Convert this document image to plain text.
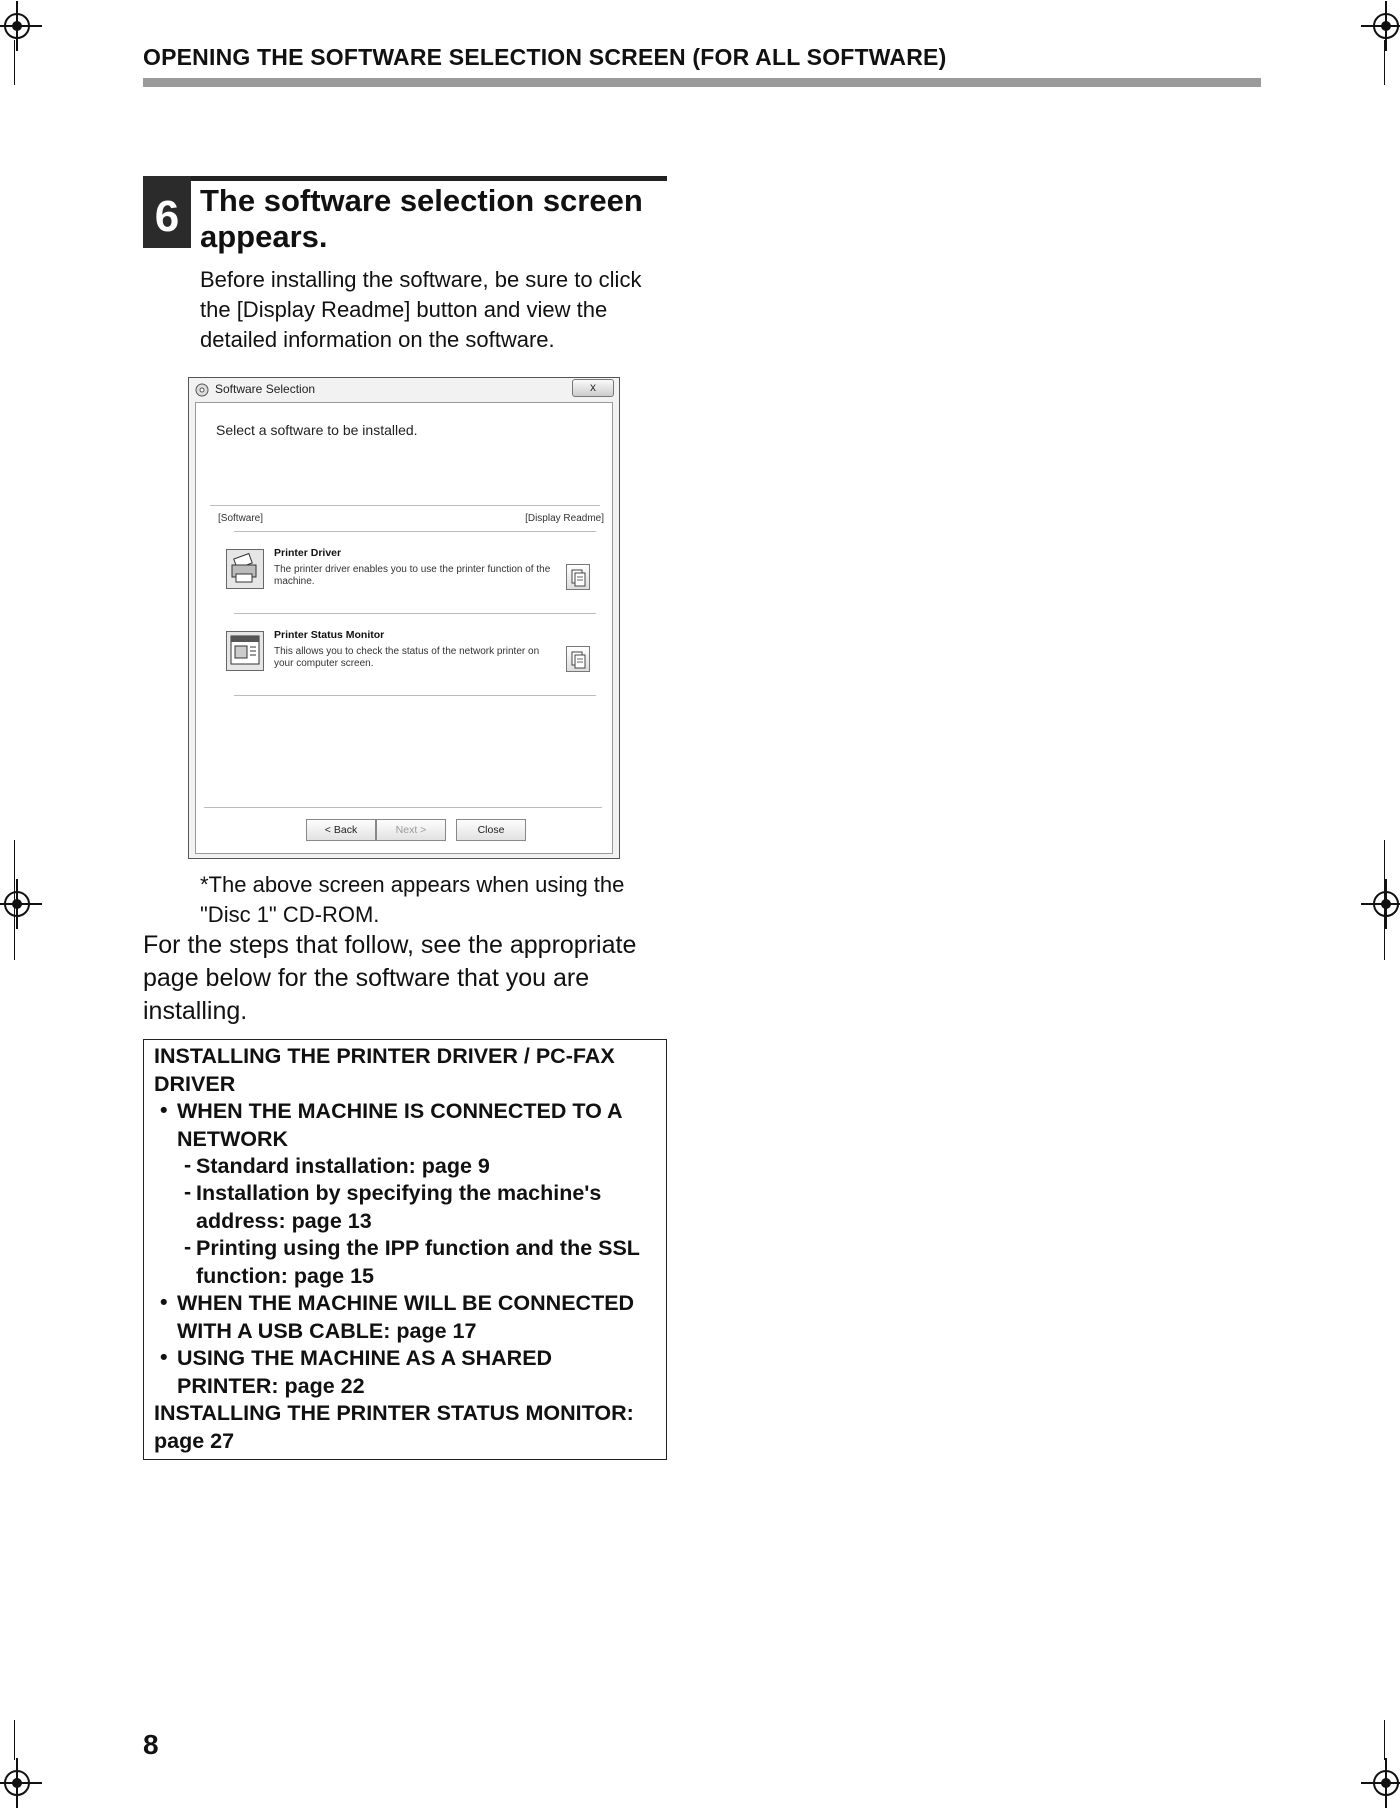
OPENING THE SOFTWARE SELECTION SCREEN (FOR ALL SOFTWARE)
6 The software selection screen
appears.
Before installing the software, be sure to click
the [Display Readme] button and view the
detailed information on the software.
Software Selection	x
Select a software to be installed.
[Software]	[Display Readme]
Printer Driver
The printer driver enables you to use the printer function of the
machine.
Printer Status Monitor
This allows you to check the status of the network printer on
your computer screen.
< Back	Next >	Close
*The above screen appears when using the
"Disc 1" CD-ROM.
For the steps that follow, see the appropriate
page below for the software that you are
installing.
INSTALLING THE PRINTER DRIVER / PC-FAX
DRIVER
• WHEN THE MACHINE IS CONNECTED TO A
NETWORK
- Standard installation: page 9
- Installation by specifying the machine's
address: page 13
- Printing using the IPP function and the SSL
function: page 15
• WHEN THE MACHINE WILL BE CONNECTED
WITH A USB CABLE: page 17
• USING THE MACHINE AS A SHARED
PRINTER: page 22
INSTALLING THE PRINTER STATUS MONITOR:
page 27
8
